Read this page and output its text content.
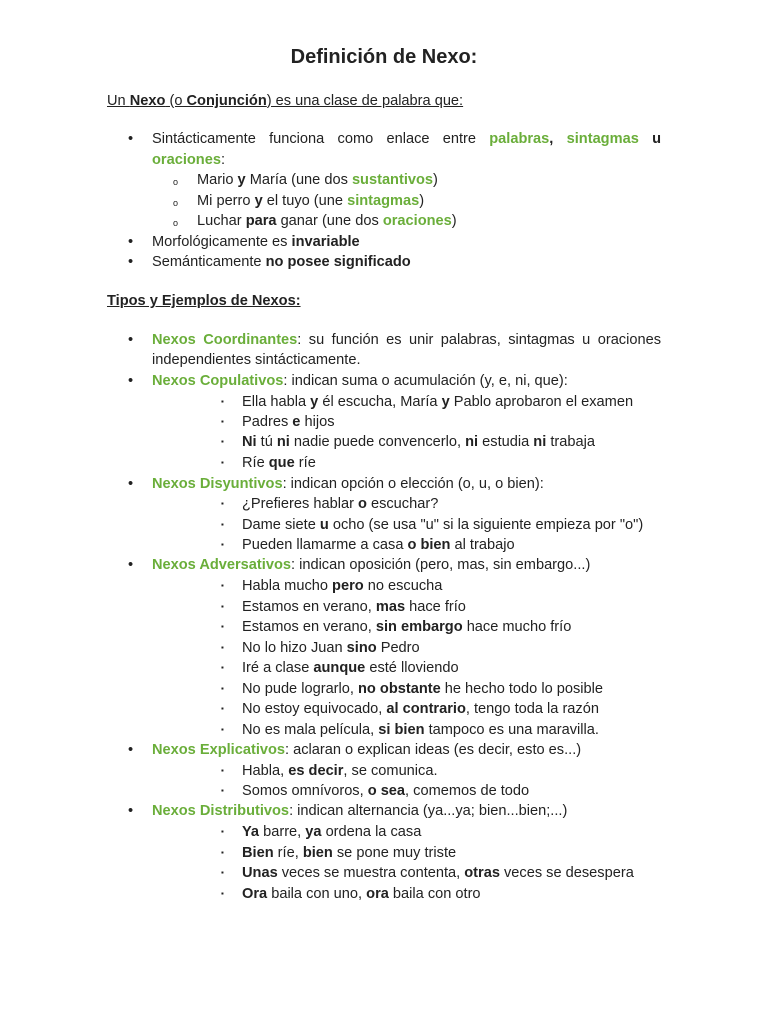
Definición de Nexo:
Un Nexo (o Conjunción) es una clase de palabra que:
• Sintácticamente funciona como enlace entre palabras, sintagmas u
oraciones:
o Mario y María (une dos sustantivos)
o Mi perro y el tuyo (une sintagmas)
o Luchar para ganar (une dos oraciones)
• Morfológicamente es invariable
• Semánticamente no posee significado
Tipos y Ejemplos de Nexos:
• Nexos Coordinantes: su función es unir palabras, sintagmas u oraciones
independientes sintácticamente.
• Nexos Copulativos: indican suma o acumulación (y, e, ni, que):
▪ Ella habla y él escucha, María y Pablo aprobaron el examen
▪ Padres e hijos
▪ Ni tú ni nadie puede convencerlo, ni estudia ni trabaja
▪ Ríe que ríe
• Nexos Disyuntivos: indican opción o elección (o, u, o bien):
▪ ¿Prefieres hablar o escuchar?
▪ Dame siete u ocho (se usa "u" si la siguiente empieza por "o")
▪ Pueden llamarme a casa o bien al trabajo
• Nexos Adversativos: indican oposición (pero, mas, sin embargo...)
▪ Habla mucho pero no escucha
▪ Estamos en verano, mas hace frío
▪ Estamos en verano, sin embargo hace mucho frío
▪ No lo hizo Juan sino Pedro
▪ Iré a clase aunque esté lloviendo
▪ No pude lograrlo, no obstante he hecho todo lo posible
▪ No estoy equivocado, al contrario, tengo toda la razón
▪ No es mala película, si bien tampoco es una maravilla.
• Nexos Explicativos: aclaran o explican ideas (es decir, esto es...)
▪ Habla, es decir, se comunica.
▪ Somos omnívoros, o sea, comemos de todo
• Nexos Distributivos: indican alternancia (ya...ya; bien...bien;...)
▪ Ya barre, ya ordena la casa
▪ Bien ríe, bien se pone muy triste
▪ Unas veces se muestra contenta, otras veces se desespera
▪ Ora baila con uno, ora baila con otro
